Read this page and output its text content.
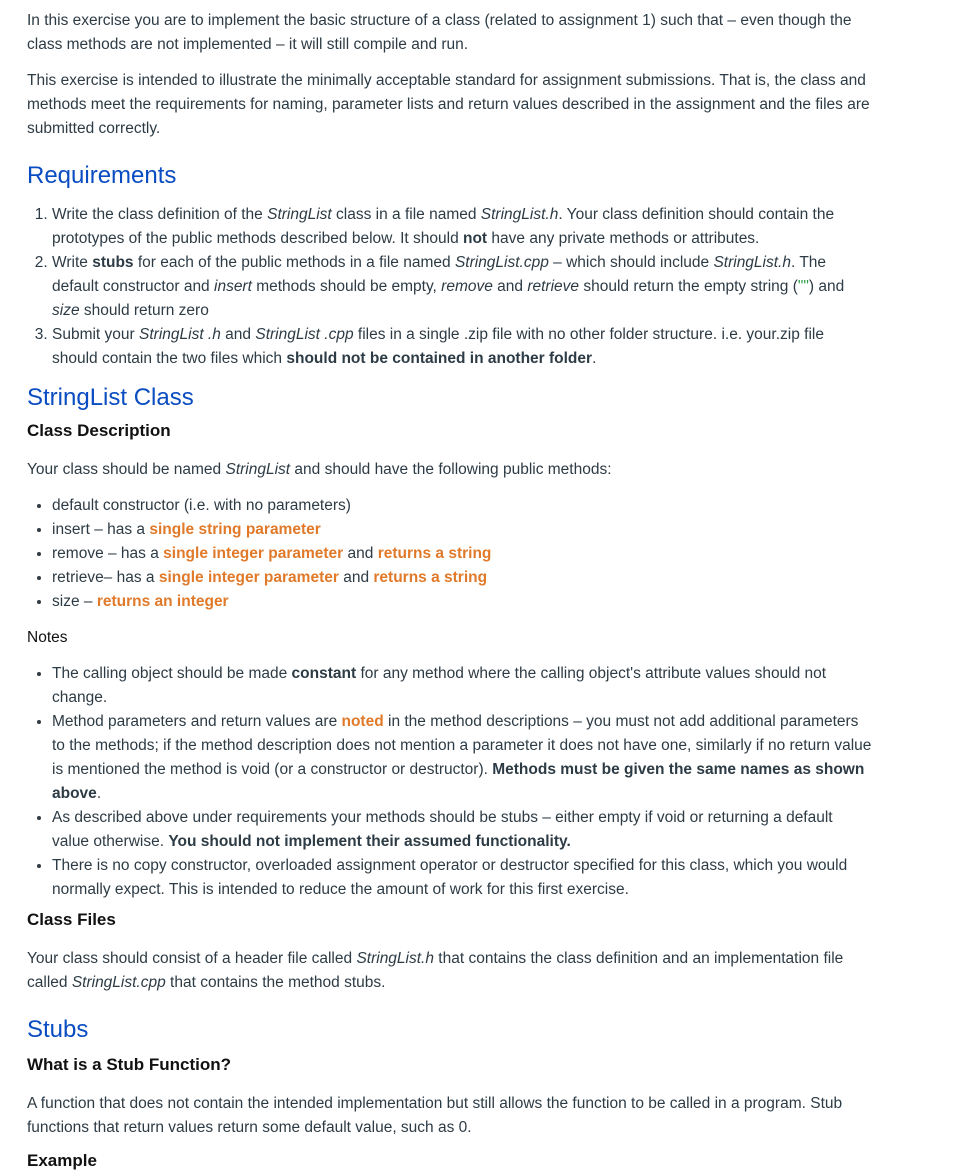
In this exercise you are to implement the basic structure of a class (related to assignment 1) such that – even though the class methods are not implemented – it will still compile and run.

This exercise is intended to illustrate the minimally acceptable standard for assignment submissions. That is, the class and methods meet the requirements for naming, parameter lists and return values described in the assignment and the files are submitted correctly.

Requirements
1. Write the class definition of the StringList class in a file named StringList.h. Your class definition should contain the prototypes of the public methods described below. It should not have any private methods or attributes.
2. Write stubs for each of the public methods in a file named StringList.cpp – which should include StringList.h. The default constructor and insert methods should be empty, remove and retrieve should return the empty string ("") and size should return zero
3. Submit your StringList .h and StringList .cpp files in a single .zip file with no other folder structure. i.e. your.zip file should contain the two files which should not be contained in another folder.
StringList Class
Class Description

Your class should be named StringList and should have the following public methods:

• default constructor (i.e. with no parameters)
• insert – has a single string parameter
• remove – has a single integer parameter and returns a string
• retrieve– has a single integer parameter and returns a string
• size – returns an integer
Notes
• The calling object should be made constant for any method where the calling object's attribute values should not change.
• Method parameters and return values are noted in the method descriptions – you must not add additional parameters to the methods; if the method description does not mention a parameter it does not have one, similarly if no return value is mentioned the method is void (or a constructor or destructor). Methods must be given the same names as shown above.
• As described above under requirements your methods should be stubs – either empty if void or returning a default value otherwise. You should not implement their assumed functionality.
• There is no copy constructor, overloaded assignment operator or destructor specified for this class, which you would normally expect. This is intended to reduce the amount of work for this first exercise.
Class Files

Your class should consist of a header file called StringList.h that contains the class definition and an implementation file called StringList.cpp that contains the method stubs.

Stubs
What is a Stub Function?

A function that does not contain the intended implementation but still allows the function to be called in a program. Stub functions that return values return some default value, such as 0.

Example
